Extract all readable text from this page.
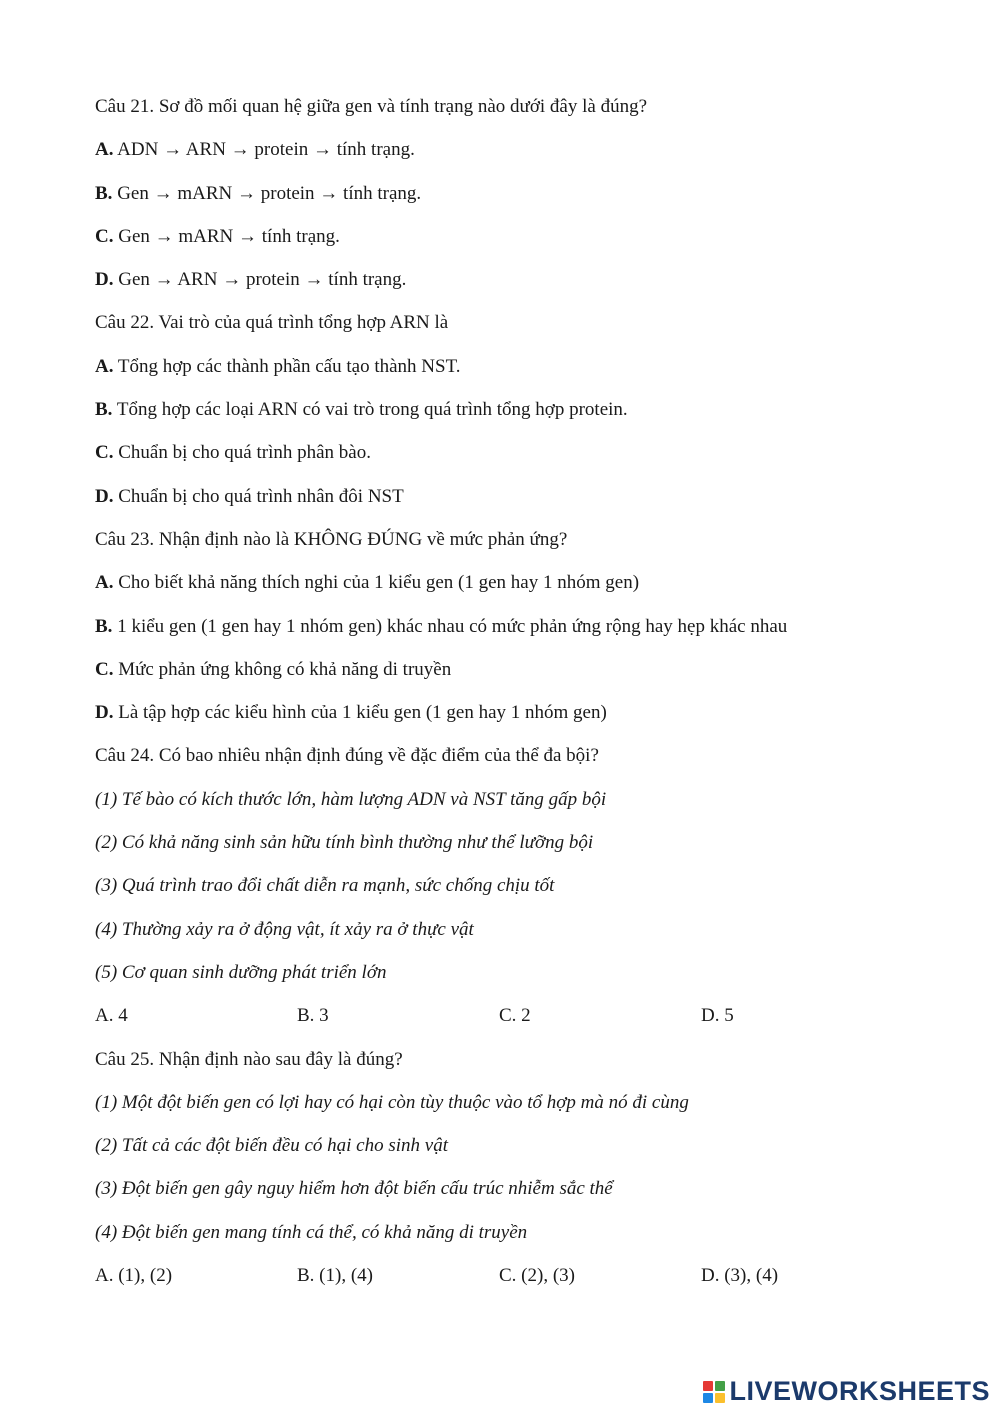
Câu 21. Sơ đồ mối quan hệ giữa gen và tính trạng nào dưới đây là đúng?
A. ADN → ARN → protein → tính trạng.
B. Gen → mARN → protein → tính trạng.
C. Gen → mARN → tính trạng.
D. Gen → ARN → protein → tính trạng.
Câu 22. Vai trò của quá trình tổng hợp ARN là
A. Tổng hợp các thành phần cấu tạo thành NST.
B. Tổng hợp các loại ARN có vai trò trong quá trình tổng hợp protein.
C. Chuẩn bị cho quá trình phân bào.
D. Chuẩn bị cho quá trình nhân đôi NST
Câu 23. Nhận định nào là KHÔNG ĐÚNG về mức phản ứng?
A. Cho biết khả năng thích nghi của 1 kiểu gen (1 gen hay 1 nhóm gen)
B. 1 kiểu gen (1 gen hay 1 nhóm gen) khác nhau có mức phản ứng rộng hay hẹp khác nhau
C. Mức phản ứng không có khả năng di truyền
D. Là tập hợp các kiểu hình của 1 kiểu gen (1 gen hay 1 nhóm gen)
Câu 24. Có bao nhiêu nhận định đúng về đặc điểm của thể đa bội?
(1) Tế bào có kích thước lớn, hàm lượng ADN và NST tăng gấp bội
(2) Có khả năng sinh sản hữu tính bình thường như thể lưỡng bội
(3) Quá trình trao đổi chất diễn ra mạnh, sức chống chịu tốt
(4) Thường xảy ra ở động vật, ít xảy ra ở thực vật
(5) Cơ quan sinh dưỡng phát triển lớn
A. 4	B. 3	C. 2	D. 5
Câu 25. Nhận định nào sau đây là đúng?
(1) Một đột biến gen có lợi hay có hại còn tùy thuộc vào tổ hợp mà nó đi cùng
(2) Tất cả các đột biến đều có hại cho sinh vật
(3) Đột biến gen gây nguy hiểm hơn đột biến cấu trúc nhiễm sắc thể
(4) Đột biến gen mang tính cá thể, có khả năng di truyền
A. (1), (2)	B. (1), (4)	C. (2), (3)	D. (3), (4)
LIVEWORKSHEETS
